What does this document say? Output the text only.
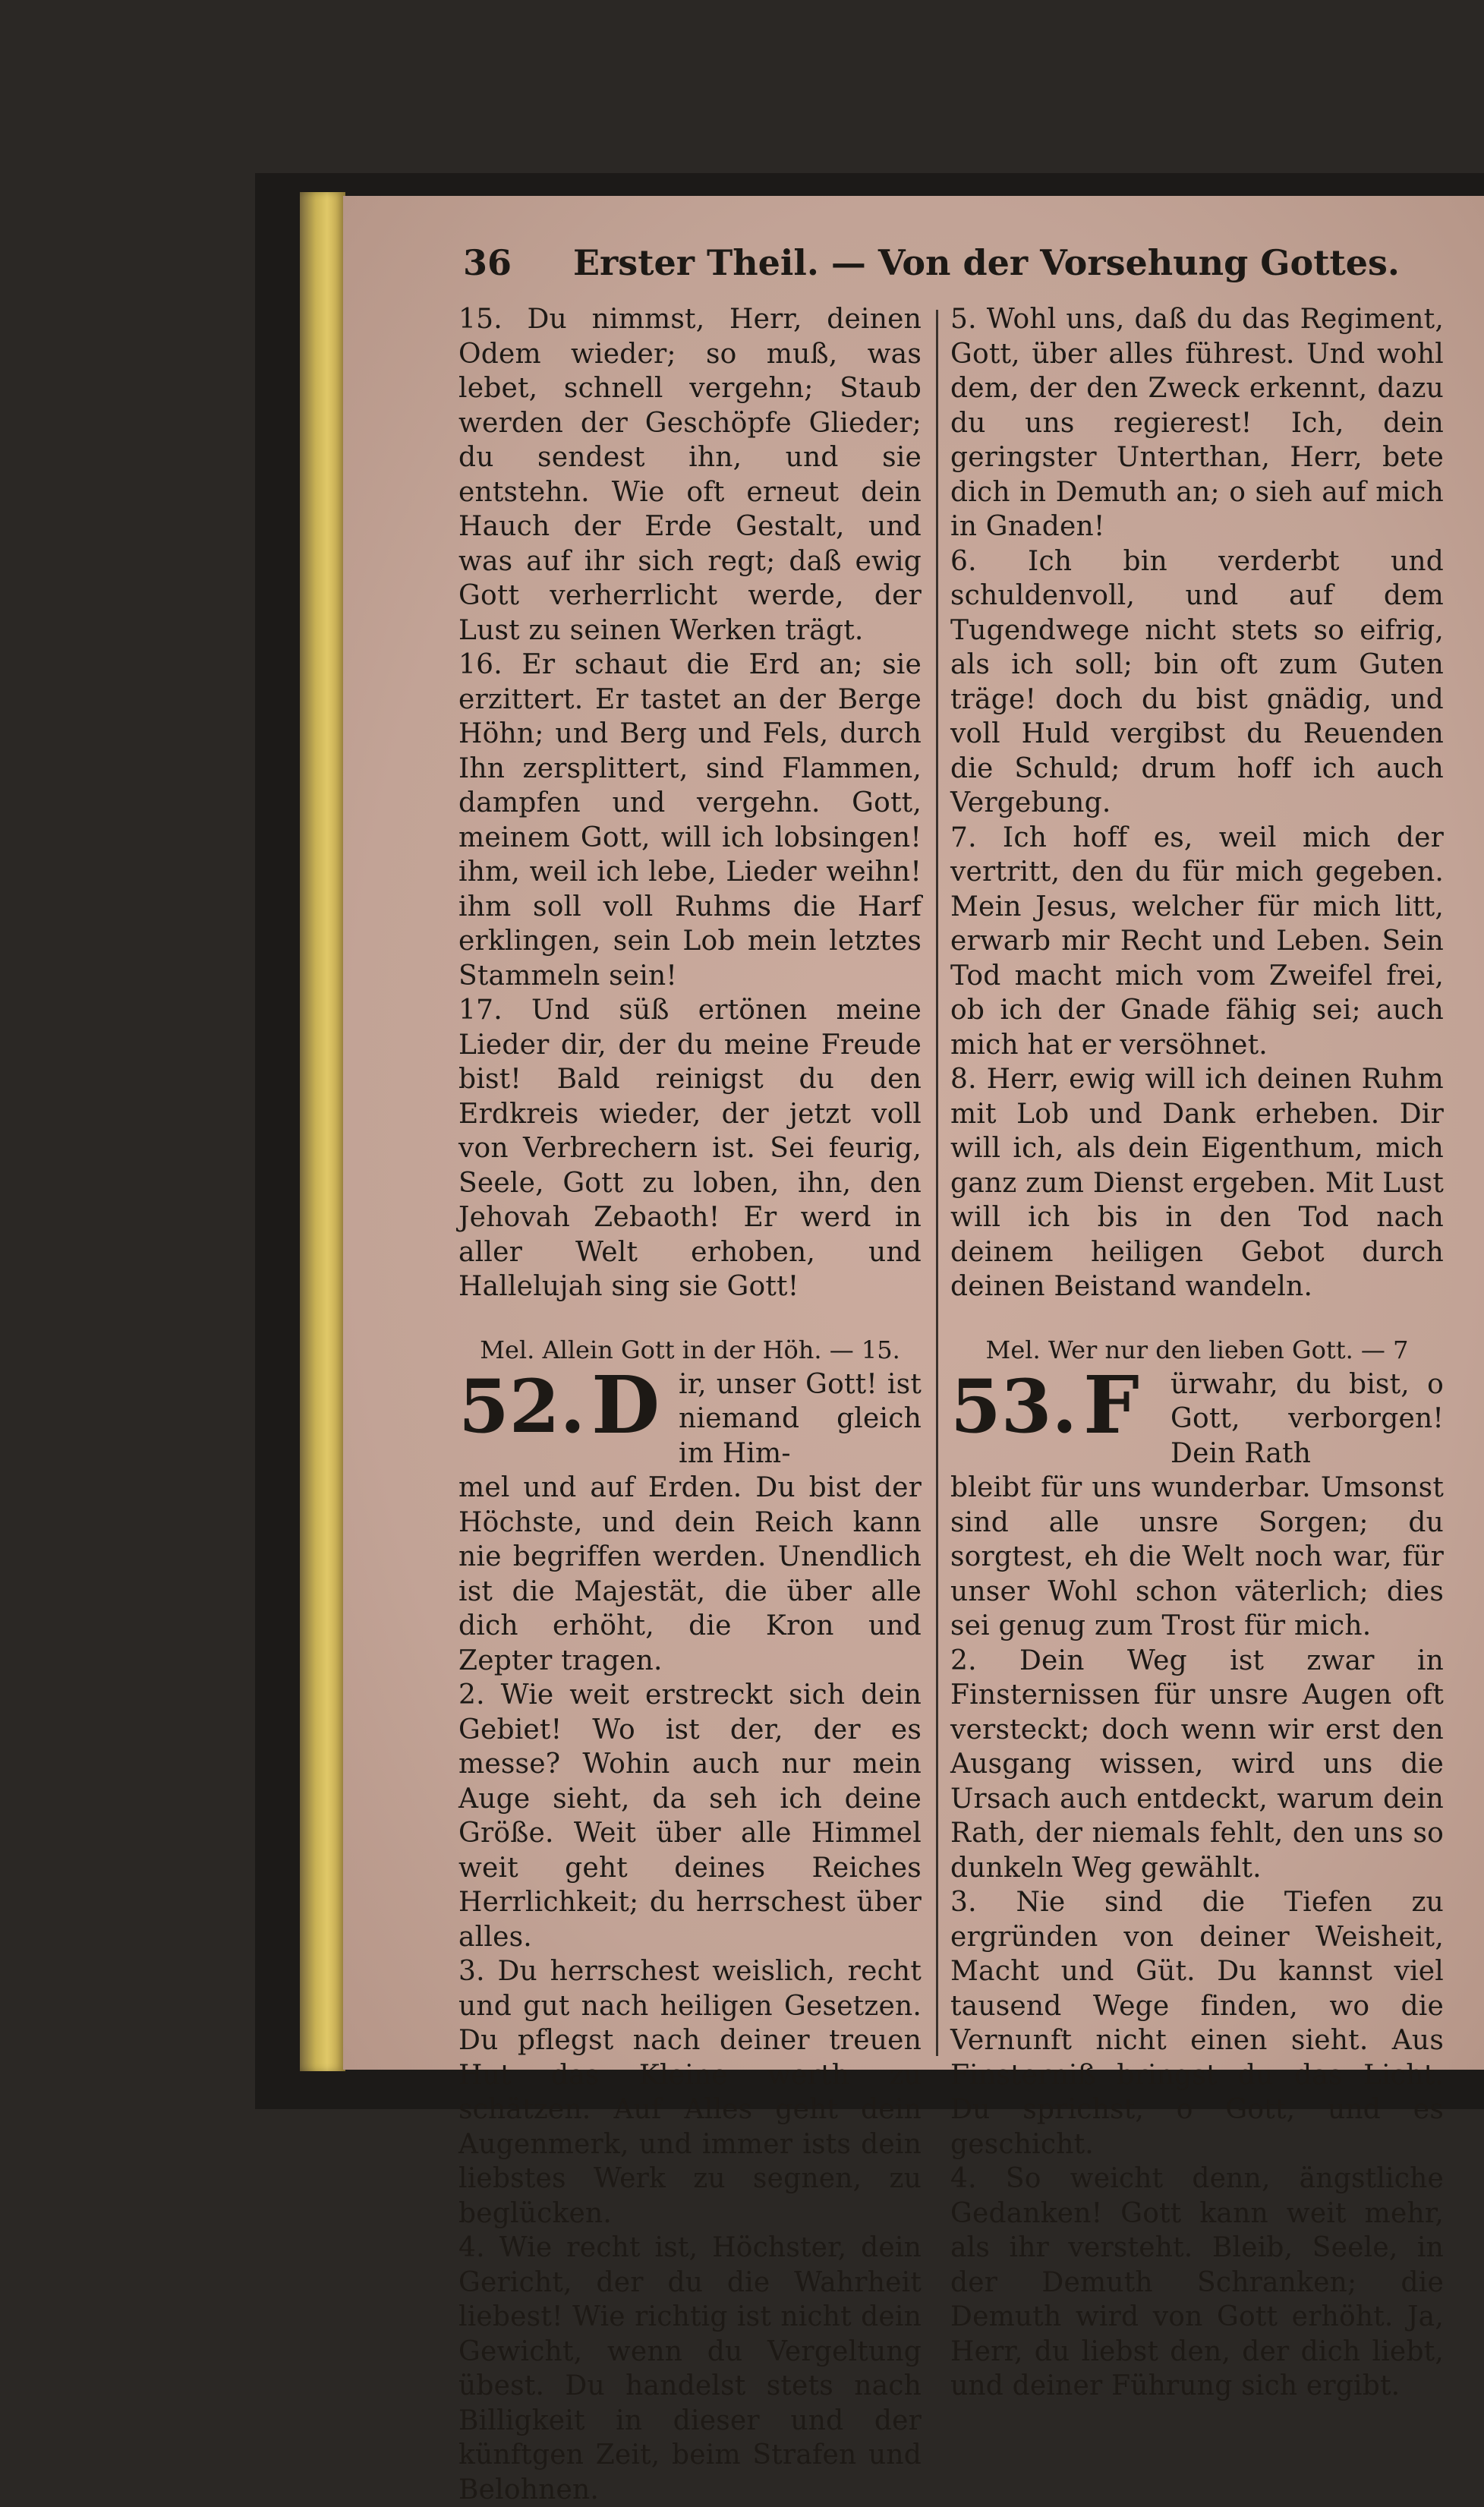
36 Erster Theil. — Von der Vorsehung Gottes.

15. Du nimmst, Herr, deinen Odem wieder; so muß, was lebet, schnell vergehn; Staub werden der Geschöpfe Glieder; du sendest ihn, und sie entstehn. Wie oft erneut dein Hauch der Erde Gestalt, und was auf ihr sich regt; daß ewig Gott verherrlicht werde, der Lust zu seinen Werken trägt.

16. Er schaut die Erd an; sie erzittert. Er tastet an der Berge Höhn; und Berg und Fels, durch Ihn zersplittert, sind Flammen, dampfen und vergehn. Gott, meinem Gott, will ich lobsingen! ihm, weil ich lebe, Lieder weihn! ihm soll voll Ruhms die Harf erklingen, sein Lob mein letztes Stammeln sein!

17. Und süß ertönen meine Lieder dir, der du meine Freude bist! Bald reinigst du den Erdkreis wieder, der jetzt voll von Verbrechern ist. Sei feurig, Seele, Gott zu loben, ihn, den Jehovah Zebaoth! Er werd in aller Welt erhoben, und Hallelujah sing sie Gott!

Mel. Allein Gott in der Höh. — 15.

52. D ir, unser Gott! ist niemand gleich im Him-

mel und auf Erden. Du bist der Höchste, und dein Reich kann nie begriffen werden. Unendlich ist die Majestät, die über alle dich erhöht, die Kron und Zepter tragen.

2. Wie weit erstreckt sich dein Gebiet! Wo ist der, der es messe? Wohin auch nur mein Auge sieht, da seh ich deine Größe. Weit über alle Himmel weit geht deines Reiches Herrlichkeit; du herrschest über alles.

3. Du herrschest weislich, recht und gut nach heiligen Gesetzen. Du pflegst nach deiner treuen Hut das Kleine werth zu schätzen. Auf Alles geht dein Augenmerk, und immer ists dein liebstes Werk zu segnen, zu beglücken.

4. Wie recht ist, Höchster, dein Gericht, der du die Wahrheit liebest! Wie richtig ist nicht dein Gewicht, wenn du Vergeltung übest. Du handelst stets nach Billigkeit in dieser und der künftgen Zeit, beim Strafen und Belohnen.

5. Wohl uns, daß du das Regiment, Gott, über alles führest. Und wohl dem, der den Zweck erkennt, dazu du uns regierest! Ich, dein geringster Unterthan, Herr, bete dich in Demuth an; o sieh auf mich in Gnaden!

6. Ich bin verderbt und schuldenvoll, und auf dem Tugendwege nicht stets so eifrig, als ich soll; bin oft zum Guten träge! doch du bist gnädig, und voll Huld vergibst du Reuenden die Schuld; drum hoff ich auch Vergebung.

7. Ich hoff es, weil mich der vertritt, den du für mich gegeben. Mein Jesus, welcher für mich litt, erwarb mir Recht und Leben. Sein Tod macht mich vom Zweifel frei, ob ich der Gnade fähig sei; auch mich hat er versöhnet.

8. Herr, ewig will ich deinen Ruhm mit Lob und Dank erheben. Dir will ich, als dein Eigenthum, mich ganz zum Dienst ergeben. Mit Lust will ich bis in den Tod nach deinem heiligen Gebot durch deinen Beistand wandeln.

Mel. Wer nur den lieben Gott. — 7

53. F	ürwahr, du bist, o Gott, verborgen! Dein Rath

bleibt für uns wunderbar. Umsonst sind alle unsre Sorgen; du sorgtest, eh die Welt noch war, für unser Wohl schon väterlich; dies sei genug zum Trost für mich.

2. Dein Weg ist zwar in Finsternissen für unsre Augen oft versteckt; doch wenn wir erst den Ausgang wissen, wird uns die Ursach auch entdeckt, warum dein Rath, der niemals fehlt, den uns so dunkeln Weg gewählt.

3. Nie sind die Tiefen zu ergründen von deiner Weisheit, Macht und Güt. Du kannst viel tausend Wege finden, wo die Vernunft nicht einen sieht. Aus Finsterniß bringst du das Licht. Du sprichst, o Gott, und es geschicht.

4. So weicht denn, ängstliche Gedanken! Gott kann weit mehr, als ihr versteht. Bleib, Seele, in der Demuth Schranken; die Demuth wird von Gott erhöht. Ja, Herr, du liebst den, der dich liebt, und deiner Führung sich ergibt.
